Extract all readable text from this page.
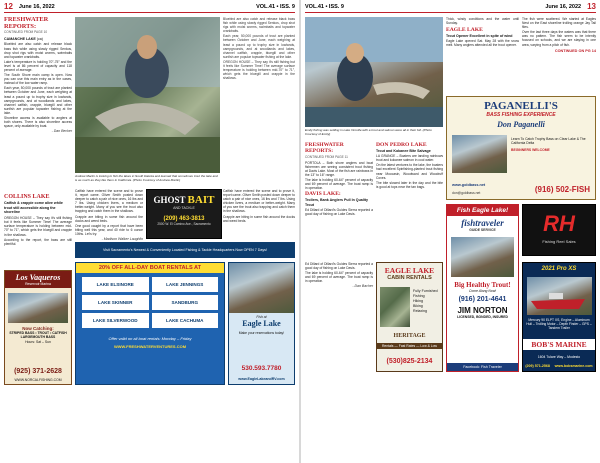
12 June 16, 2022	VOL.41 • ISS. 9
FRESHWATER REPORTS:
CONTINUED FROM PAGE 10
CAMANCHE LAKE (ca)

Bluebird are also catch and release black bass fish while using slowly rigged Senkos, drop shot rigs with moist worms, swimbaits and topwater crankbaits.

Lake's temperature is holding 70°-75° and the level is at 86 percent of capacity and 118 percent of average.

The South Shore main camp is open. Now you can use this main entry as in the cases, instead of the low water ramp.

Each year, 50,000 pounds of trout are planted between October and June, each weighing at least a pound up to trophy size in lowlands, campgrounds, and at woodlands and lakes, channel catfish, crappie, bluegill and other sunfish are popular topwater fishing at the lake.

Shoreline access is available to anglers at both shores. There is also shoreline access space, only available by boat.

- Dan Becker
COLLINS LAKE
Catfish & crappie come alive while trout still accessible along the shoreline

OREGON HOUSE – They say it's still fishing but it feels like Summer Time! The average surface temperature is holding between mid-70° to 71°, which gets the bluegill and crappie in the shallows.

According to the report, the bass are still plentiful.

Andrew Martin is looking to fish the lakes in South Dakota and learned that sometimes trout the lake and is as much as they like them in California. (Photo Courtesy of Andrew Martin)

Catfish have entered the scene and to prove it, report came. Oliver Smith posted down deeper to catch a pair of nice ones, 16 lbs and 7 lbs. Using chicken livers, a medium or better-weight. Many of you see the trout also trapping and catch them in the shallows.

Crappie are biting in some fish around the docks and weed beds.

One good caught by a report that have been biting well this year, and 40 ride to 6 ounce 10ths. Let's try.

- Madison Walker Laughlin

Bluebird are also catch and release black bass fish while using slowly rigged Senkos, drop shot rigs with moist worms, swimbaits and topwater crankbaits.

Each year, 50,000 pounds of trout are planted between October and June, each weighing at least a pound up to trophy size in lowlands, campgrounds, and at woodlands and lakes, channel catfish, crappie, bluegill and other sunfish are popular topwater fishing at the lake.

OREGON HOUSE – They say it's still fishing but it feels like Summer Time! The average surface temperature is holding between mid-70° to 71°, which gets the bluegill and crappie in the shallows.

GHOST BAIT
AND TACKLE
(209) 463-3813
2500 W. El Camino Ave., Sacramento

Catfish have entered the scene and to prove it, report came. Oliver Smith posted down deeper to catch a pair of nice ones, 16 lbs and 7 lbs. Using chicken livers, a medium or better-weight. Many of you see the trout also trapping and catch them in the shallows.

Crappie are biting in some fish around the docks and weed beds.

Visit Sacramento's Newest & Conveniently Located Fishing & Tackle Headquarters Now OPEN 7 Days!
Los Vaqueros
Reservoir Marina
Now Catching:
STRIPED BASS • TROUT • CATFISH
LARGEMOUTH BASS
Hours: Sat – Sun
(925) 371-2628
WWW.NORCALFISHING.COM
20% OFF ALL-DAY BOAT RENTALS AT
LAKE ELSINORE	LAKE JENNINGS
LAKE SKINNER	SANDBURG
LAKE SILVERWOOD	LAKE CACHUMA
Offer valid on all boat rentals: Monday – Friday
WWW.FRESHWATERVENTURES.COM
Fish at
Eagle Lake
Make your reservations today!
530.593.7780
www.EagleLakeandRV.com
VOL.41 • ISS. 9	June 16, 2022 13
Emily fishing was settling in Lake Oroville with a trout and salmon were all in their full. (Photo Courtesy of Emily)
FRESHWATER REPORTS:
CONTINUED FROM PAGE 11

PORTOLA – Both shore anglers and boat fishermen are seeing consistent trout fishing at Davis Lake. Most of the fish are rainbows in the 13" to 16" range.

The lake is holding 60-64° percent of capacity and 69 percent of average. The boat ramp is in operation.

DAVIS LAKE:
Trollers, Bank Anglers Pull In Quality Trout

Ed Dillard of Dillard's Guides Sierra reported a good day of fishing on Lake Davis.

DON PEDRO LAKE
Trout and Kokanee Bite Salvage

LA GRANGE – Boaters are landing rainbows trout and kokanee salmon in cool water.

On the latest ventures to the lake, the boaters had excellent Spinfishing-planted trout fishing near Moccasin, Woodward and Woodruff Coves.

The bite slowed later in the day and the bite is good at tops near the tan bags.

Thick, windy conditions and the water until Sunday.

EAGLE LAKE
Trout Opener Excellent in spite of wind

Eagle Lake opened Sat. May 28 with the snow melt. Many anglers attended all the trout opener.

The fish were scattered. We started at Eagles Nest on the East shoreline trolling orange Jay Tail flies.

Over the last three days the waters was that there was no pattern. The fish seem to be intently focused on schools, and we are staying in one area, varying from a pitch of fish.

CONTINUED ON PG 14
PAGANELLI'S
BASS FISHING EXPERIENCE
Don Paganelli
Learn To Catch Trophy Bass on Clear Lake & The California Delta
BEGINNERS WELCOME
www.goldbass.net
don@goldbass.net	(916) 502-FISH
RH
Fishing Reel Sales
EAGLE LAKE
CABIN RENTALS
Fully Furnished
Fishing
Hiking
Biking
Relaxing
HERITAGE
Rentals — Fast Rates — Low & Low
(530)825-2134
Fish Eagle Lake!
fishtraveler
GUIDE SERVICE
Big Healthy Trout!
Come Along Now!
(916) 201-4641
JIM NORTON
LICENSED, BONDED, INSURED
Facebook: Fish Traveler
2021 Pro XS
Mercury 90 ELPT XS, Engine – Aluminum Hull – Trolling Motor – Depth Finder – GPS – Tandem Trailer
BOB'S MARINE
1604 Tulare Way – Modesto
(209) 571-2568 www.bobsmarine.com

Ed Dillard of Dillard's Guides Sierra reported a good day of fishing on Lake Davis.

The lake is holding 60-64° percent of capacity and 69 percent of average. The boat ramp is in operation.

- Dan Bacher
